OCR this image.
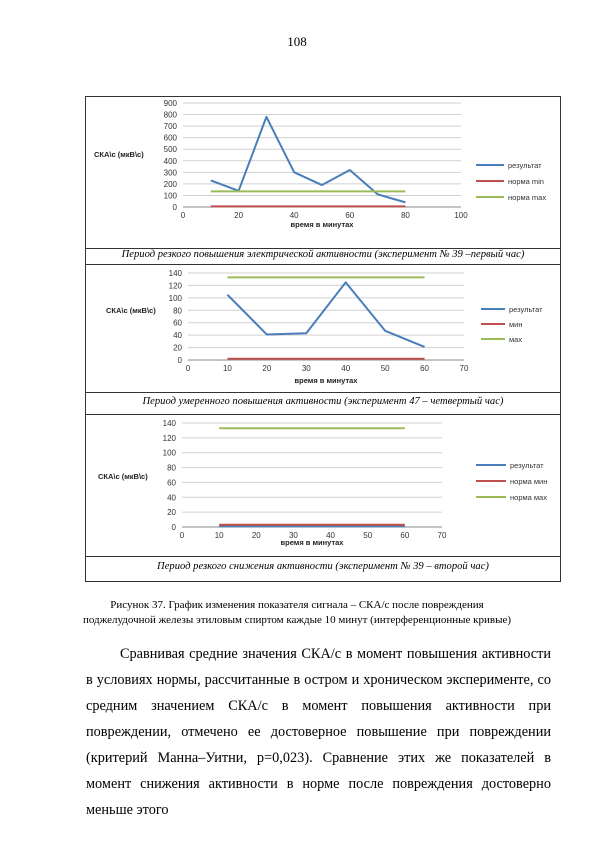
108
0
100
200
300
400
500
600
700
800
900
0	20	40	60	80	100
СКА\с (мкВ\с)
время в минутах
результат
норма min
норма max
Период резкого повышения электрической активности (эксперимент № 39 –первый час)
0
20
40
60
80
100
120
140
0	10	20	30	40	50	60	70
СКА\с (мкВ\с)
время в минутах
результат
мин
мах
Период умеренного повышения активности (эксперимент 47 – четвертый час)
0
20
40
60
80
100
120
140
0	10	20	30	40	50	60	70
СКА\с (мкВ\с)
время в минутах
результат
норма мин
норма мах
Период резкого снижения активности (эксперимент № 39 – второй час)
Рисунок 37. График изменения показателя сигнала – СКА/с после повреждения
поджелудочной железы этиловым спиртом каждые 10 минут (интерференционные кривые)
Сравнивая средние значения СКА/с в момент повышения активности в условиях нормы, рассчитанные в остром и хроническом эксперименте, со средним значением СКА/с в момент повышения активности при повреждении, отмечено ее достоверное повышение при повреждении (критерий Манна–Уитни, р=0,023). Сравнение этих же показателей в момент снижения активности в норме после повреждения достоверно меньше этого
